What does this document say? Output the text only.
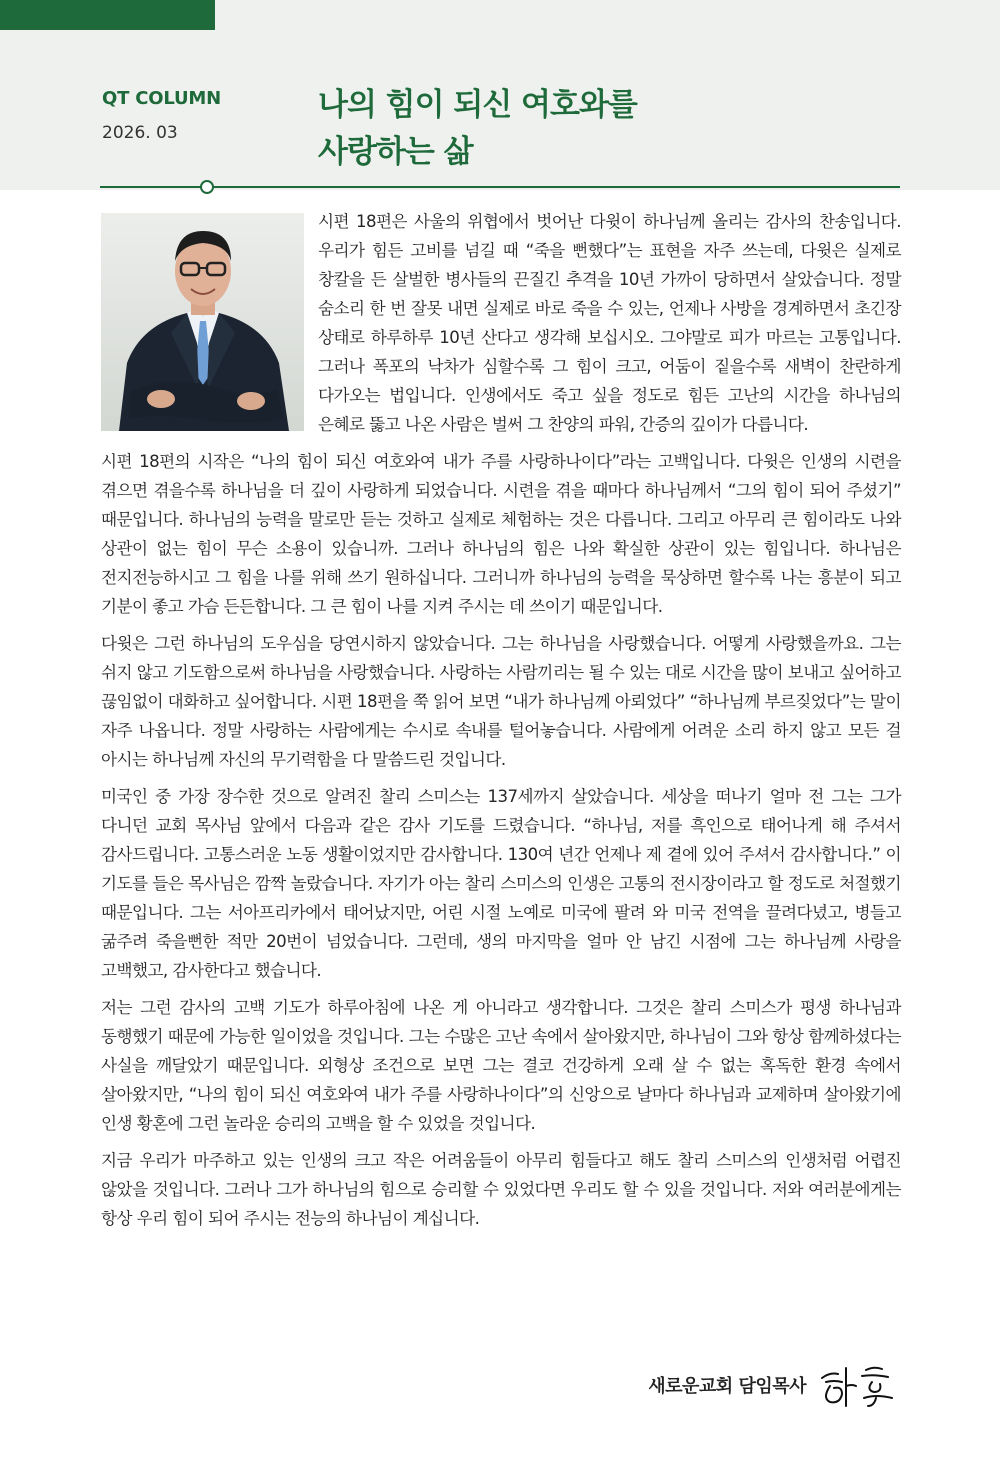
QT COLUMN
2026. 03
나의 힘이 되신 여호와를
사랑하는 삶

시편 18편은 사울의 위협에서 벗어난 다윗이 하나님께 올리는 감사의 찬송입니다. 우리가 힘든 고비를 넘길 때 “죽을 뻔했다”는 표현을 자주 쓰는데, 다윗은 실제로 창칼을 든 살벌한 병사들의 끈질긴 추격을 10년 가까이 당하면서 살았습니다. 정말 숨소리 한 번 잘못 내면 실제로 바로 죽을 수 있는, 언제나 사방을 경계하면서 초긴장 상태로 하루하루 10년 산다고 생각해 보십시오. 그야말로 피가 마르는 고통입니다. 그러나 폭포의 낙차가 심할수록 그 힘이 크고, 어둠이 짙을수록 새벽이 찬란하게 다가오는 법입니다. 인생에서도 죽고 싶을 정도로 힘든 고난의 시간을 하나님의 은혜로 뚫고 나온 사람은 벌써 그 찬양의 파워, 간증의 깊이가 다릅니다.

시편 18편의 시작은 “나의 힘이 되신 여호와여 내가 주를 사랑하나이다”라는 고백입니다. 다윗은 인생의 시련을 겪으면 겪을수록 하나님을 더 깊이 사랑하게 되었습니다. 시련을 겪을 때마다 하나님께서 “그의 힘이 되어 주셨기” 때문입니다. 하나님의 능력을 말로만 듣는 것하고 실제로 체험하는 것은 다릅니다. 그리고 아무리 큰 힘이라도 나와 상관이 없는 힘이 무슨 소용이 있습니까. 그러나 하나님의 힘은 나와 확실한 상관이 있는 힘입니다. 하나님은 전지전능하시고 그 힘을 나를 위해 쓰기 원하십니다. 그러니까 하나님의 능력을 묵상하면 할수록 나는 흥분이 되고 기분이 좋고 가슴 든든합니다. 그 큰 힘이 나를 지켜 주시는 데 쓰이기 때문입니다.

다윗은 그런 하나님의 도우심을 당연시하지 않았습니다. 그는 하나님을 사랑했습니다. 어떻게 사랑했을까요. 그는 쉬지 않고 기도함으로써 하나님을 사랑했습니다. 사랑하는 사람끼리는 될 수 있는 대로 시간을 많이 보내고 싶어하고 끊임없이 대화하고 싶어합니다. 시편 18편을 쭉 읽어 보면 “내가 하나님께 아뢰었다” “하나님께 부르짖었다”는 말이 자주 나옵니다. 정말 사랑하는 사람에게는 수시로 속내를 털어놓습니다. 사람에게 어려운 소리 하지 않고 모든 걸 아시는 하나님께 자신의 무기력함을 다 말씀드린 것입니다.

미국인 중 가장 장수한 것으로 알려진 찰리 스미스는 137세까지 살았습니다. 세상을 떠나기 얼마 전 그는 그가 다니던 교회 목사님 앞에서 다음과 같은 감사 기도를 드렸습니다. “하나님, 저를 흑인으로 태어나게 해 주셔서 감사드립니다. 고통스러운 노동 생활이었지만 감사합니다. 130여 년간 언제나 제 곁에 있어 주셔서 감사합니다.” 이 기도를 들은 목사님은 깜짝 놀랐습니다. 자기가 아는 찰리 스미스의 인생은 고통의 전시장이라고 할 정도로 처절했기 때문입니다. 그는 서아프리카에서 태어났지만, 어린 시절 노예로 미국에 팔려 와 미국 전역을 끌려다녔고, 병들고 굶주려 죽을뻔한 적만 20번이 넘었습니다. 그런데, 생의 마지막을 얼마 안 남긴 시점에 그는 하나님께 사랑을 고백했고, 감사한다고 했습니다.

저는 그런 감사의 고백 기도가 하루아침에 나온 게 아니라고 생각합니다. 그것은 찰리 스미스가 평생 하나님과 동행했기 때문에 가능한 일이었을 것입니다. 그는 수많은 고난 속에서 살아왔지만, 하나님이 그와 항상 함께하셨다는 사실을 깨달았기 때문입니다. 외형상 조건으로 보면 그는 결코 건강하게 오래 살 수 없는 혹독한 환경 속에서 살아왔지만, “나의 힘이 되신 여호와여 내가 주를 사랑하나이다”의 신앙으로 날마다 하나님과 교제하며 살아왔기에 인생 황혼에 그런 놀라운 승리의 고백을 할 수 있었을 것입니다.

지금 우리가 마주하고 있는 인생의 크고 작은 어려움들이 아무리 힘들다고 해도 찰리 스미스의 인생처럼 어렵진 않았을 것입니다. 그러나 그가 하나님의 힘으로 승리할 수 있었다면 우리도 할 수 있을 것입니다. 저와 여러분에게는 항상 우리 힘이 되어 주시는 전능의 하나님이 계십니다.

새로운교회 담임목사
